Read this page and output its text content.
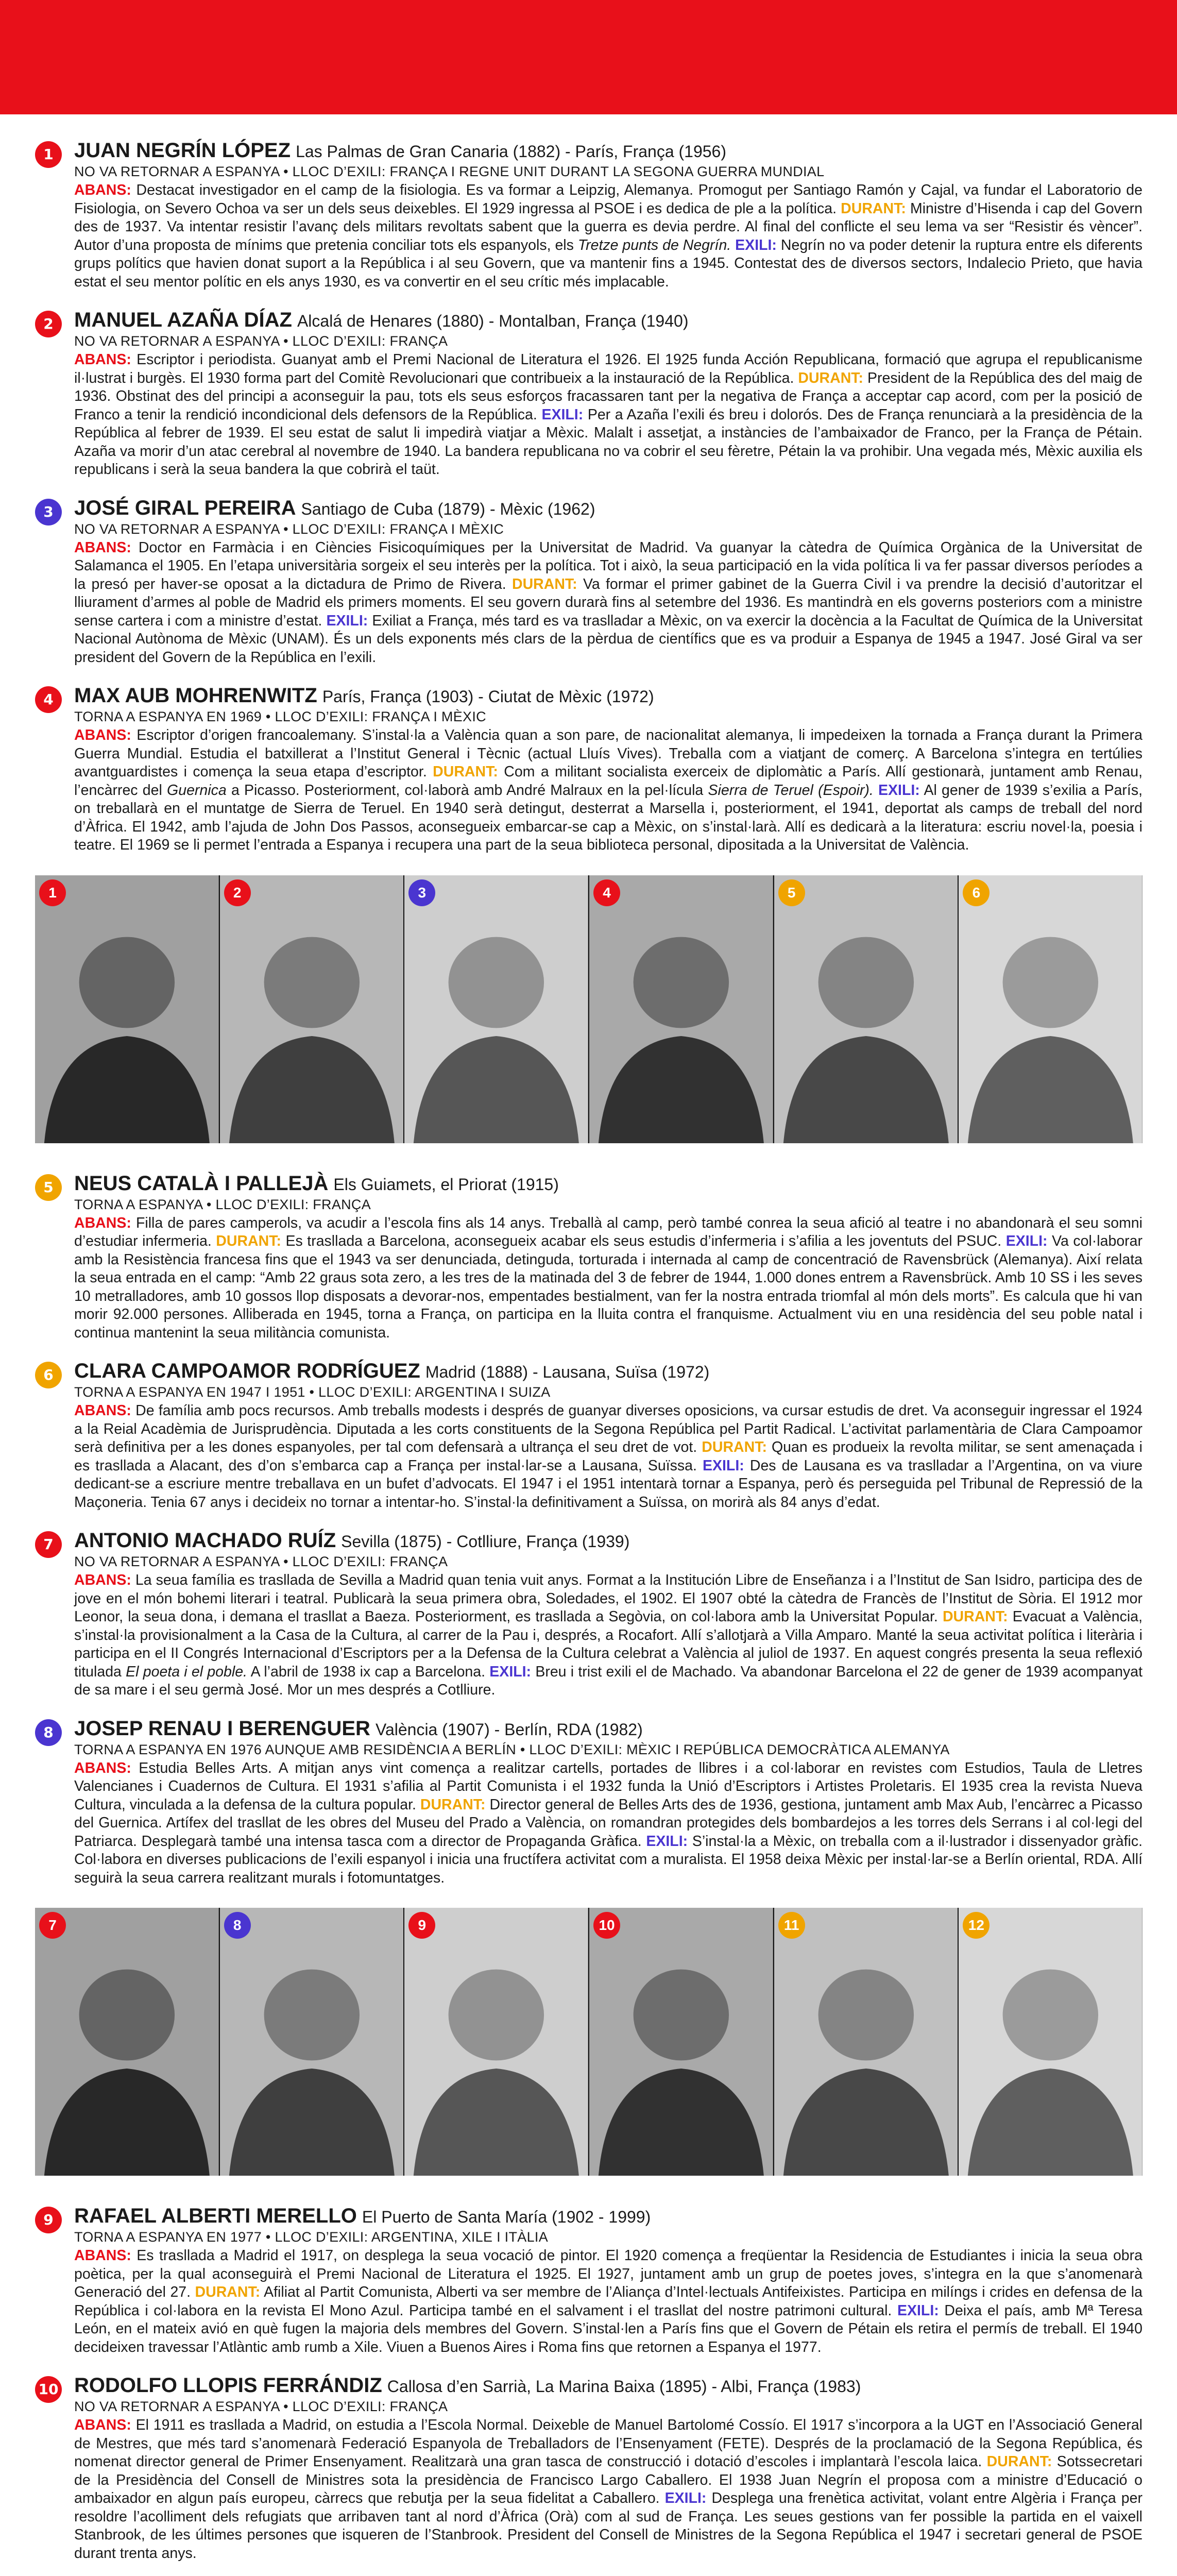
1	JUAN NEGRÍN LÓPEZ Las Palmas de Gran Canaria (1882) - París, França (1956)
NO VA RETORNAR A ESPANYA • LLOC D’EXILI: FRANÇA I REGNE UNIT DURANT LA SEGONA GUERRA MUNDIAL
ABANS: Destacat investigador en el camp de la fisiologia. Es va formar a Leipzig, Alemanya. Promogut per Santiago Ramón y Cajal, va fundar el Laboratorio de Fisiologia, on Severo Ochoa va ser un dels seus deixebles. El 1929 ingressa al PSOE i es dedica de ple a la política. DURANT: Ministre d’Hisenda i cap del Govern des de 1937. Va intentar resistir l’avanç dels militars revoltats sabent que la guerra es devia perdre. Al final del conflicte el seu lema va ser “Resistir és vèncer”. Autor d’una proposta de mínims que pretenia conciliar tots els espanyols, els Tretze punts de Negrín. EXILI: Negrín no va poder detenir la ruptura entre els diferents grups polítics que havien donat suport a la República i al seu Govern, que va mantenir fins a 1945. Contestat des de diversos sectors, Indalecio Prieto, que havia estat el seu mentor polític en els anys 1930, es va convertir en el seu crític més implacable.
2	MANUEL AZAÑA DÍAZ Alcalá de Henares (1880) - Montalban, França (1940)
NO VA RETORNAR A ESPANYA • LLOC D’EXILI: FRANÇA
ABANS: Escriptor i periodista. Guanyat amb el Premi Nacional de Literatura el 1926. El 1925 funda Acción Republicana, formació que agrupa el republicanisme il·lustrat i burgès. El 1930 forma part del Comitè Revolucionari que contribueix a la instauració de la República. DURANT: President de la República des del maig de 1936. Obstinat des del principi a aconseguir la pau, tots els seus esforços fracassaren tant per la negativa de França a acceptar cap acord, com per la posició de Franco a tenir la rendició incondicional dels defensors de la República. EXILI: Per a Azaña l’exili és breu i dolorós. Des de França renunciarà a la presidència de la República al febrer de 1939. El seu estat de salut li impedirà viatjar a Mèxic. Malalt i assetjat, a instàncies de l’ambaixador de Franco, per la França de Pétain. Azaña va morir d’un atac cerebral al novembre de 1940. La bandera republicana no va cobrir el seu fèretre, Pétain la va prohibir. Una vegada més, Mèxic auxilia els republicans i serà la seua bandera la que cobrirà el taüt.
3	JOSÉ GIRAL PEREIRA Santiago de Cuba (1879) - Mèxic (1962)
NO VA RETORNAR A ESPANYA • LLOC D’EXILI: FRANÇA I MÈXIC
ABANS: Doctor en Farmàcia i en Ciències Fisicoquímiques per la Universitat de Madrid. Va guanyar la càtedra de Química Orgànica de la Universitat de Salamanca el 1905. En l’etapa universitària sorgeix el seu interès per la política. Tot i això, la seua participació en la vida política li va fer passar diversos períodes a la presó per haver-se oposat a la dictadura de Primo de Rivera. DURANT: Va formar el primer gabinet de la Guerra Civil i va prendre la decisió d’autoritzar el lliurament d’armes al poble de Madrid els primers moments. El seu govern durarà fins al setembre del 1936. Es mantindrà en els governs posteriors com a ministre sense cartera i com a ministre d’estat. EXILI: Exiliat a França, més tard es va traslladar a Mèxic, on va exercir la docència a la Facultat de Química de la Universitat Nacional Autònoma de Mèxic (UNAM). És un dels exponents més clars de la pèrdua de científics que es va produir a Espanya de 1945 a 1947. José Giral va ser president del Govern de la República en l’exili.
4	MAX AUB MOHRENWITZ París, França (1903) - Ciutat de Mèxic (1972)
TORNA A ESPANYA EN 1969 • LLOC D’EXILI: FRANÇA I MÈXIC
ABANS: Escriptor d’origen francoalemany. S’instal·la a València quan a son pare, de nacionalitat alemanya, li impedeixen la tornada a França durant la Primera Guerra Mundial. Estudia el batxillerat a l’Institut General i Tècnic (actual Lluís Vives). Treballa com a viatjant de comerç. A Barcelona s’integra en tertúlies avantguardistes i comença la seua etapa d’escriptor. DURANT: Com a militant socialista exerceix de diplomàtic a París. Allí gestionarà, juntament amb Renau, l’encàrrec del Guernica a Picasso. Posteriorment, col·laborà amb André Malraux en la pel·lícula Sierra de Teruel (Espoir). EXILI: Al gener de 1939 s’exilia a París, on treballarà en el muntatge de Sierra de Teruel. En 1940 serà detingut, desterrat a Marsella i, posteriorment, el 1941, deportat als camps de treball del nord d’Àfrica. El 1942, amb l’ajuda de John Dos Passos, aconsegueix embarcar-se cap a Mèxic, on s’instal·larà. Allí es dedicarà a la literatura: escriu novel·la, poesia i teatre. El 1969 se li permet l’entrada a Espanya i recupera una part de la seua biblioteca personal, dipositada a la Universitat de València.
1	2	3	4	5	6
5	NEUS CATALÀ I PALLEJÀ Els Guiamets, el Priorat (1915)
TORNA A ESPANYA • LLOC D’EXILI: FRANÇA
ABANS: Filla de pares camperols, va acudir a l’escola fins als 14 anys. Treballà al camp, però també conrea la seua afició al teatre i no abandonarà el seu somni d’estudiar infermeria. DURANT: Es trasllada a Barcelona, aconsegueix acabar els seus estudis d’infermeria i s’afilia a les joventuts del PSUC. EXILI: Va col·laborar amb la Resistència francesa fins que el 1943 va ser denunciada, detinguda, torturada i internada al camp de concentració de Ravensbrück (Alemanya). Així relata la seua entrada en el camp: “Amb 22 graus sota zero, a les tres de la matinada del 3 de febrer de 1944, 1.000 dones entrem a Ravensbrück. Amb 10 SS i les seves 10 metralladores, amb 10 gossos llop disposats a devorar-nos, empentades bestialment, van fer la nostra entrada triomfal al món dels morts”. Es calcula que hi van morir 92.000 persones. Alliberada en 1945, torna a França, on participa en la lluita contra el franquisme. Actualment viu en una residència del seu poble natal i continua mantenint la seua militància comunista.
6	CLARA CAMPOAMOR RODRÍGUEZ Madrid (1888) - Lausana, Suïsa (1972)
TORNA A ESPANYA EN 1947 I 1951 • LLOC D’EXILI: ARGENTINA I SUIZA
ABANS: De família amb pocs recursos. Amb treballs modests i després de guanyar diverses oposicions, va cursar estudis de dret. Va aconseguir ingressar el 1924 a la Reial Acadèmia de Jurisprudència. Diputada a les corts constituents de la Segona República pel Partit Radical. L’activitat parlamentària de Clara Campoamor serà definitiva per a les dones espanyoles, per tal com defensarà a ultrança el seu dret de vot. DURANT: Quan es produeix la revolta militar, se sent amenaçada i es trasllada a Alacant, des d’on s’embarca cap a França per instal·lar-se a Lausana, Suïssa. EXILI: Des de Lausana es va traslladar a l’Argentina, on va viure dedicant-se a escriure mentre treballava en un bufet d’advocats. El 1947 i el 1951 intentarà tornar a Espanya, però és perseguida pel Tribunal de Repressió de la Maçoneria. Tenia 67 anys i decideix no tornar a intentar-ho. S’instal·la definitivament a Suïssa, on morirà als 84 anys d’edat.
7	ANTONIO MACHADO RUÍZ Sevilla (1875) - Cotlliure, França (1939)
NO VA RETORNAR A ESPANYA • LLOC D’EXILI: FRANÇA
ABANS: La seua família es trasllada de Sevilla a Madrid quan tenia vuit anys. Format a la Institución Libre de Enseñanza i a l’Institut de San Isidro, participa des de jove en el món bohemi literari i teatral. Publicarà la seua primera obra, Soledades, el 1902. El 1907 obté la càtedra de Francès de l’Institut de Sòria. El 1912 mor Leonor, la seua dona, i demana el trasllat a Baeza. Posteriorment, es trasllada a Segòvia, on col·labora amb la Universitat Popular. DURANT: Evacuat a València, s’instal·la provisionalment a la Casa de la Cultura, al carrer de la Pau i, després, a Rocafort. Allí s’allotjarà a Villa Amparo. Manté la seua activitat política i literària i participa en el II Congrés Internacional d’Escriptors per a la Defensa de la Cultura celebrat a València al juliol de 1937. En aquest congrés presenta la seua reflexió titulada El poeta i el poble. A l’abril de 1938 ix cap a Barcelona. EXILI: Breu i trist exili el de Machado. Va abandonar Barcelona el 22 de gener de 1939 acompanyat de sa mare i el seu germà José. Mor un mes després a Cotlliure.
8	JOSEP RENAU I BERENGUER València (1907) - Berlín, RDA (1982)
TORNA A ESPANYA EN 1976 AUNQUE AMB RESIDÈNCIA A BERLÍN • LLOC D’EXILI: MÈXIC I REPÚBLICA DEMOCRÀTICA ALEMANYA
ABANS: Estudia Belles Arts. A mitjan anys vint comença a realitzar cartells, portades de llibres i a col·laborar en revistes com Estudios, Taula de Lletres Valencianes i Cuadernos de Cultura. El 1931 s’afilia al Partit Comunista i el 1932 funda la Unió d’Escriptors i Artistes Proletaris. El 1935 crea la revista Nueva Cultura, vinculada a la defensa de la cultura popular. DURANT: Director general de Belles Arts des de 1936, gestiona, juntament amb Max Aub, l’encàrrec a Picasso del Guernica. Artífex del trasllat de les obres del Museu del Prado a València, on romandran protegides dels bombardejos a les torres dels Serrans i al col·legi del Patriarca. Desplegarà també una intensa tasca com a director de Propaganda Gràfica. EXILI: S’instal·la a Mèxic, on treballa com a il·lustrador i dissenyador gràfic. Col·labora en diverses publicacions de l’exili espanyol i inicia una fructífera activitat com a muralista. El 1958 deixa Mèxic per instal·lar-se a Berlín oriental, RDA. Allí seguirà la seua carrera realitzant murals i fotomuntatges.
7	8	9	10	11	12
9	RAFAEL ALBERTI MERELLO El Puerto de Santa María (1902 - 1999)
TORNA A ESPANYA EN 1977 • LLOC D’EXILI: ARGENTINA, XILE I ITÀLIA
ABANS: Es trasllada a Madrid el 1917, on desplega la seua vocació de pintor. El 1920 comença a freqüentar la Residencia de Estudiantes i inicia la seua obra poètica, per la qual aconseguirà el Premi Nacional de Literatura el 1925. El 1927, juntament amb un grup de poetes joves, s’integra en la que s’anomenarà Generació del 27. DURANT: Afiliat al Partit Comunista, Alberti va ser membre de l’Aliança d’Intel·lectuals Antifeixistes. Participa en milíngs i crides en defensa de la República i col·labora en la revista El Mono Azul. Participa també en el salvament i el trasllat del nostre patrimoni cultural. EXILI: Deixa el país, amb Mª Teresa León, en el mateix avió en què fugen la majoria dels membres del Govern. S’instal·len a París fins que el Govern de Pétain els retira el permís de treball. El 1940 decideixen travessar l’Atlàntic amb rumb a Xile. Viuen a Buenos Aires i Roma fins que retornen a Espanya el 1977.
10 RODOLFO LLOPIS FERRÁNDIZ Callosa d’en Sarrià, La Marina Baixa (1895) - Albi, França (1983)
NO VA RETORNAR A ESPANYA • LLOC D’EXILI: FRANÇA
ABANS: El 1911 es trasllada a Madrid, on estudia a l’Escola Normal. Deixeble de Manuel Bartolomé Cossío. El 1917 s’incorpora a la UGT en l’Associació General de Mestres, que més tard s’anomenarà Federació Espanyola de Treballadors de l’Ensenyament (FETE). Després de la proclamació de la Segona República, és nomenat director general de Primer Ensenyament. Realitzarà una gran tasca de construcció i dotació d’escoles i implantarà l’escola laica. DURANT: Sotssecretari de la Presidència del Consell de Ministres sota la presidència de Francisco Largo Caballero. El 1938 Juan Negrín el proposa com a ministre d’Educació o ambaixador en algun país europeu, càrrecs que rebutja per la seua fidelitat a Caballero. EXILI: Desplega una frenètica activitat, volant entre Algèria i França per resoldre l’acolliment dels refugiats que arribaven tant al nord d’Àfrica (Orà) com al sud de França. Les seues gestions van fer possible la partida en el vaixell Stanbrook, de les últimes persones que isqueren de l’Stanbrook. President del Consell de Ministres de la Segona República el 1947 i secretari general de PSOE durant trenta anys.
